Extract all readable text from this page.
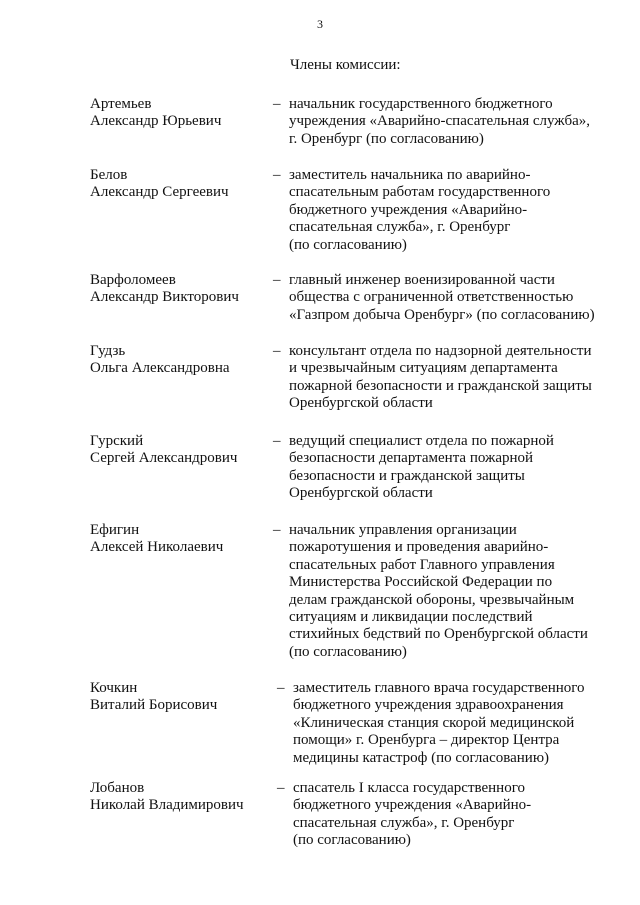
3
Члены комиссии:
Артемьев
Александр Юрьевич
– начальник государственного бюджетного
учреждения «Аварийно-спасательная служба»,
г. Оренбург (по согласованию)
Белов
Александр Сергеевич
– заместитель начальника по аварийно-
спасательным работам государственного
бюджетного учреждения «Аварийно-
спасательная служба», г. Оренбург
(по согласованию)
Варфоломеев
Александр Викторович
– главный инженер военизированной части
общества с ограниченной ответственностью
«Газпром добыча Оренбург» (по согласованию)
Гудзь
Ольга Александровна
– консультант отдела по надзорной деятельности
и чрезвычайным ситуациям департамента
пожарной безопасности и гражданской защиты
Оренбургской области
Гурский
Сергей Александрович
– ведущий специалист отдела по пожарной
безопасности департамента пожарной
безопасности и гражданской защиты
Оренбургской области
Ефигин
Алексей Николаевич
– начальник управления организации
пожаротушения и проведения аварийно-
спасательных работ Главного управления
Министерства Российской Федерации по
делам гражданской обороны, чрезвычайным
ситуациям и ликвидации последствий
стихийных бедствий по Оренбургской области
(по согласованию)
Кочкин
Виталий Борисович
– заместитель главного врача государственного
бюджетного учреждения здравоохранения
«Клиническая станция скорой медицинской
помощи» г. Оренбурга – директор Центра
медицины катастроф (по согласованию)
Лобанов
Николай Владимирович
– спасатель I класса государственного
бюджетного учреждения «Аварийно-
спасательная служба», г. Оренбург
(по согласованию)
